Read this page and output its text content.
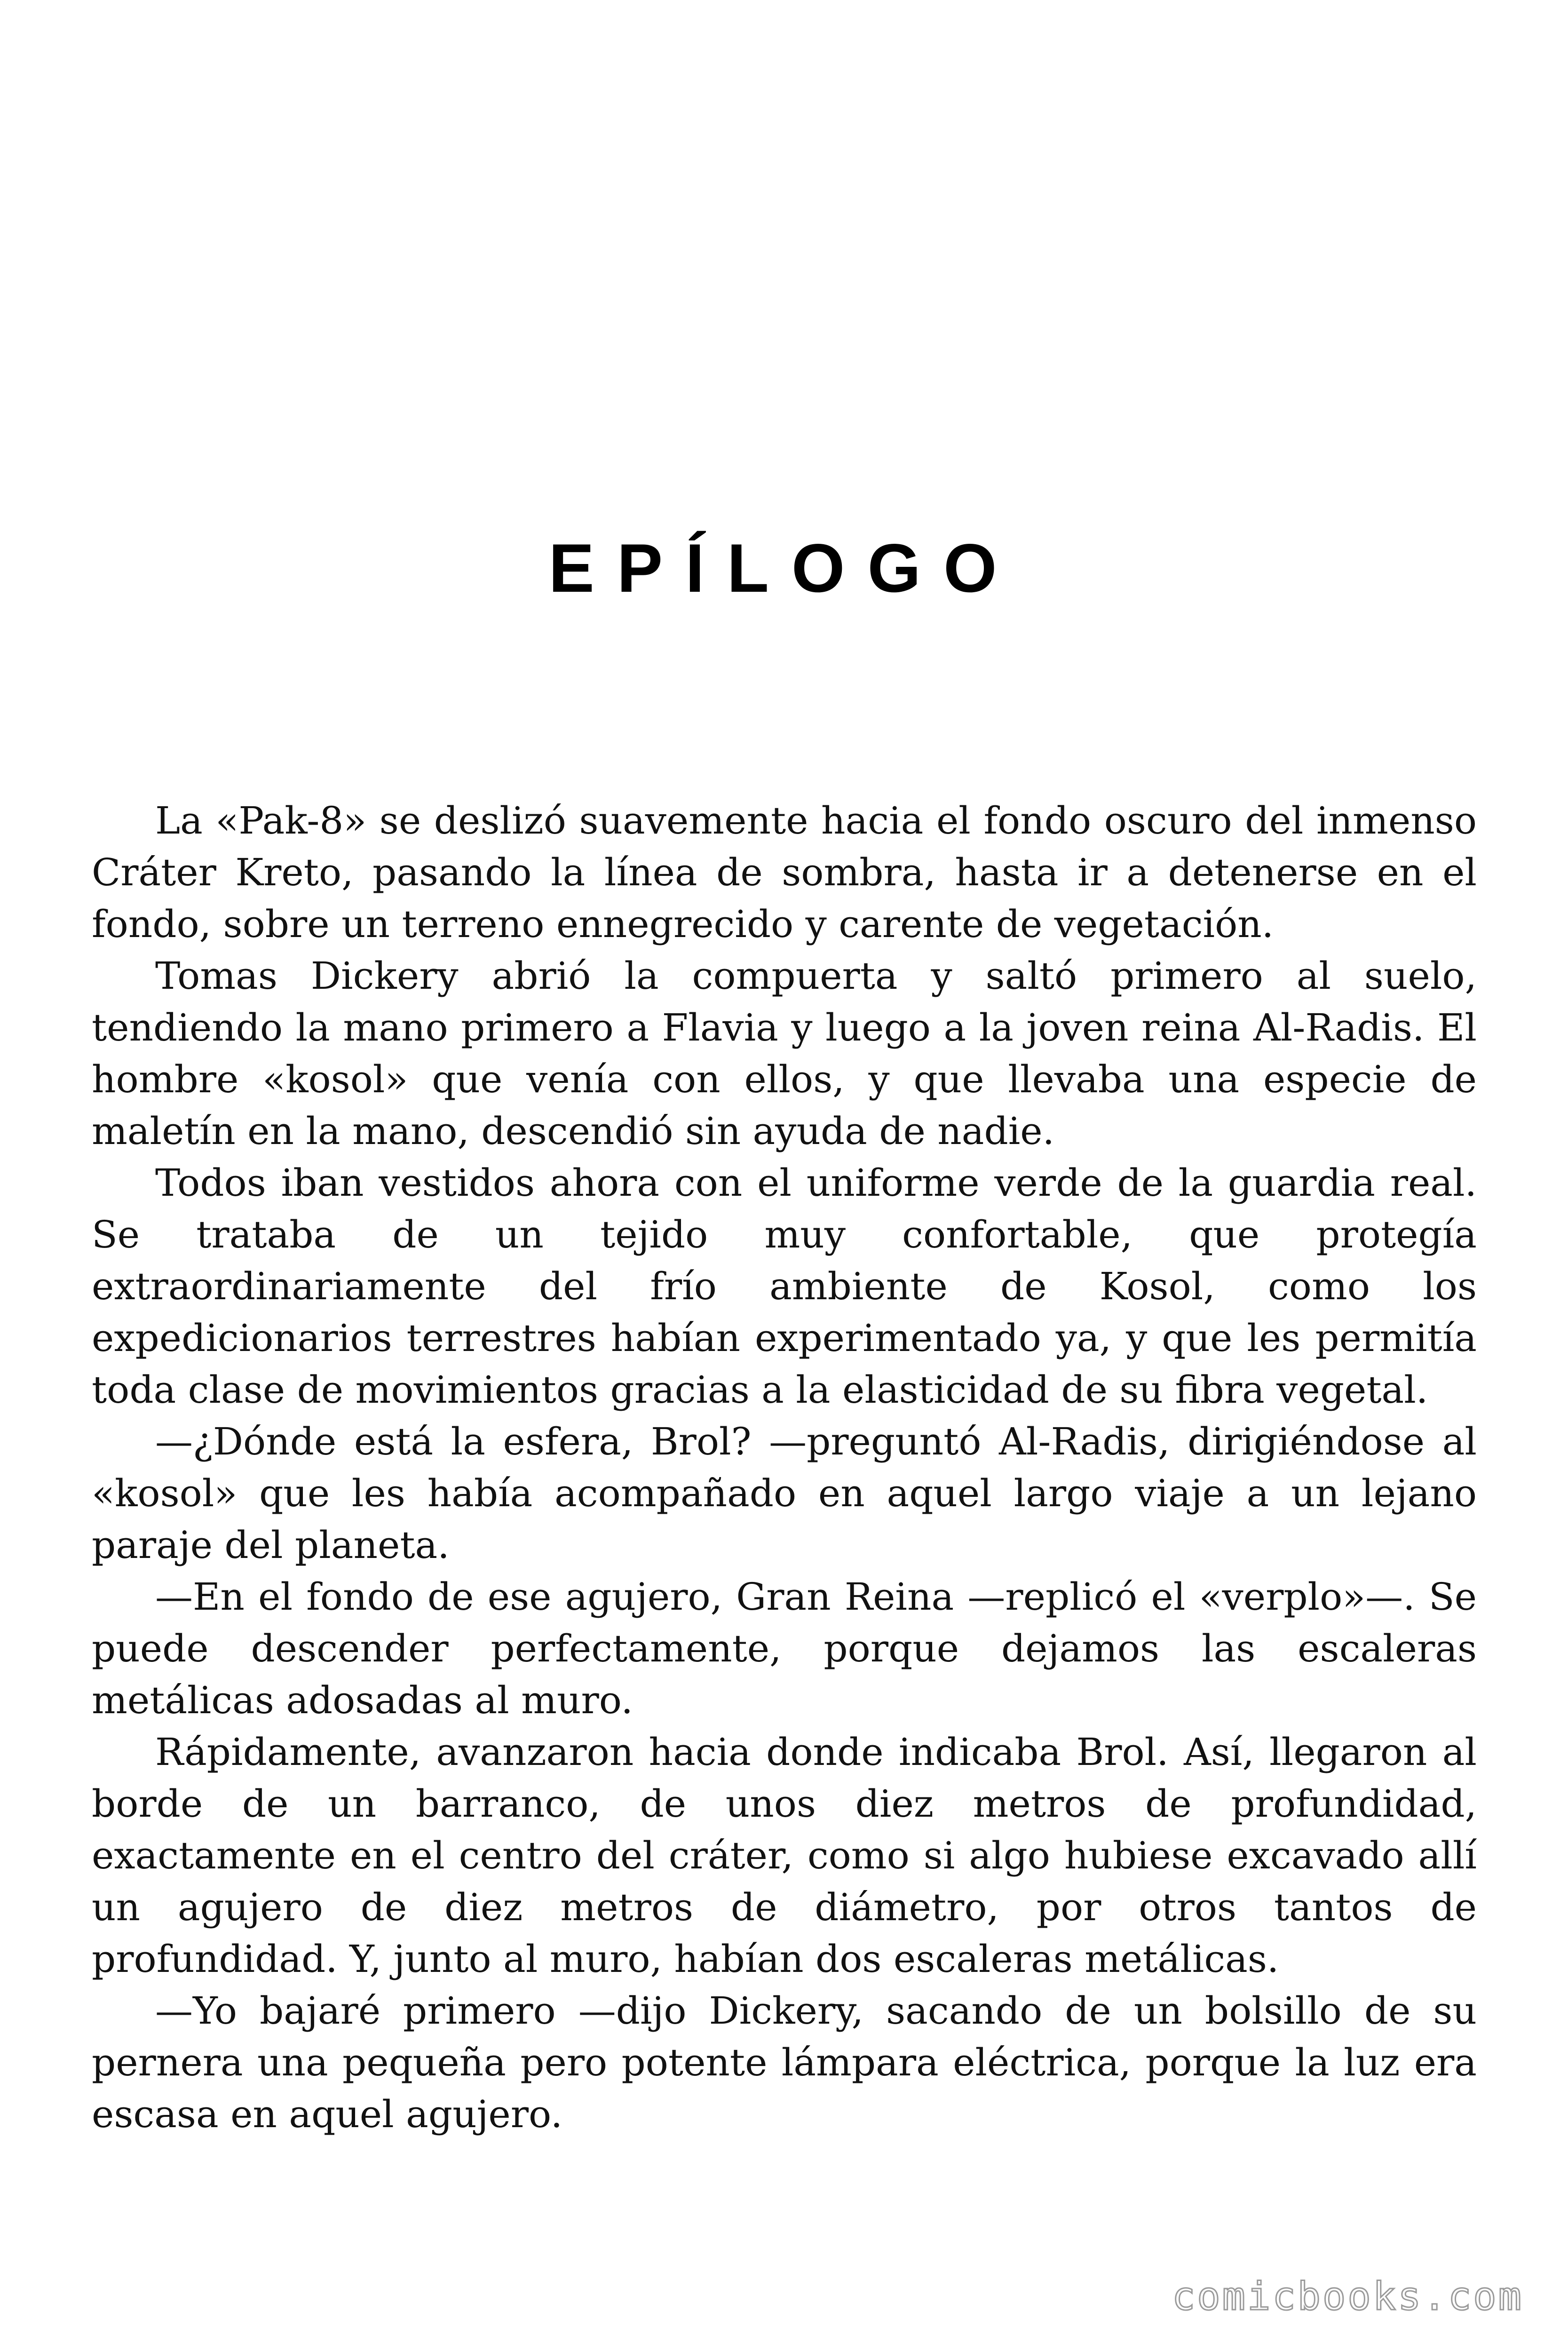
EPÍLOGO

La «Pak-8» se deslizó suavemente hacia el fondo oscuro del inmenso Cráter Kreto, pasando la línea de sombra, hasta ir a detenerse en el fondo, sobre un terreno ennegrecido y carente de vegetación.

Tomas Dickery abrió la compuerta y saltó primero al suelo, tendiendo la mano primero a Flavia y luego a la joven reina Al-Radis. El hombre «kosol» que venía con ellos, y que llevaba una especie de maletín en la mano, descendió sin ayuda de nadie.

Todos iban vestidos ahora con el uniforme verde de la guardia real. Se trataba de un tejido muy confortable, que protegía extraordinariamente del frío ambiente de Kosol, como los expedicionarios terrestres habían experimentado ya, y que les permitía toda clase de movimientos gracias a la elasticidad de su fibra vegetal.

—¿Dónde está la esfera, Brol? —preguntó Al-Radis, dirigiéndose al «kosol» que les había acompañado en aquel largo viaje a un lejano paraje del planeta.

—En el fondo de ese agujero, Gran Reina —replicó el «verplo»—. Se puede descender perfectamente, porque dejamos las escaleras metálicas adosadas al muro.

Rápidamente, avanzaron hacia donde indicaba Brol. Así, llegaron al borde de un barranco, de unos diez metros de profundidad, exactamente en el centro del cráter, como si algo hubiese excavado allí un agujero de diez metros de diámetro, por otros tantos de profundidad. Y, junto al muro, habían dos escaleras metálicas.

—Yo bajaré primero —dijo Dickery, sacando de un bolsillo de su pernera una pequeña pero potente lámpara eléctrica, porque la luz era escasa en aquel agujero.

comicbooks.com
